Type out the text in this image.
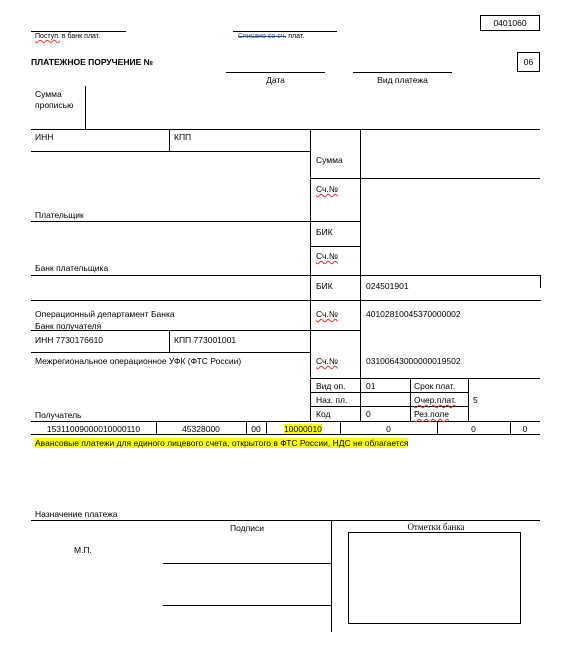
0401060
Поступ. в банк плат.	Списано со сч. плат.
ПЛАТЕЖНОЕ ПОРУЧЕНИЕ №
Дата	Вид платежа
06
Сумма
прописью
ИНН	КПП
Сумма
Сч.№
Плательщик
БИК
Сч.№
Банк плательщика
БИК	024501901
Операционный департамент Банка
Банк получателя
Сч.№	40102810045370000002
ИНН 7730176610	КПП 773001001
Межрегиональное операционное УФК (ФТС России)	Сч.№	03100643000000019502
Получатель
Вид оп. 01	Срок плат.
Наз. пл.	Очер.плат. 5
Код	0	Рез.поле
15311009000010000110	45328000	00	10000010	0	0	0
Авансовые платежи для единого лицевого счета, открытого в ФТС России, НДС не облагается
Назначение платежа
Подписи	Отметки банка
М.П.
